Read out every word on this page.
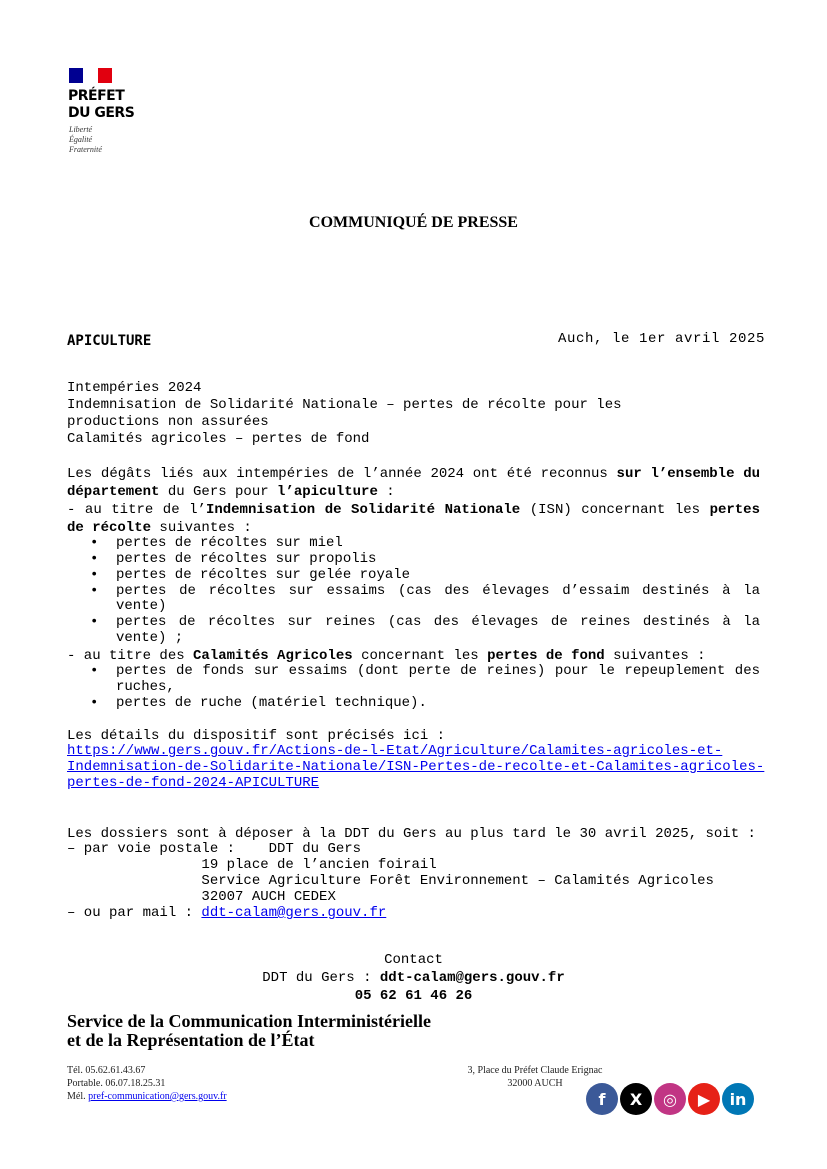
PRÉFET
DU GERS
Liberté
Égalité
Fraternité
COMMUNIQUÉ DE PRESSE
APICULTURE	Auch, le 1er avril 2025
Intempéries 2024
Indemnisation de Solidarité Nationale – pertes de récolte pour les
productions non assurées
Calamités agricoles – pertes de fond
Les dégâts liés aux intempéries de l’année 2024 ont été reconnus sur l’ensemble du
département du Gers pour l’apiculture :
- au titre de l’Indemnisation de Solidarité Nationale (ISN) concernant les pertes
de récolte suivantes :
• pertes de récoltes sur miel
• pertes de récoltes sur propolis
• pertes de récoltes sur gelée royale
• pertes de récoltes sur essaims (cas des élevages d’essaim destinés à la
vente)
• pertes de récoltes sur reines (cas des élevages de reines destinés à la
vente) ;
- au titre des Calamités Agricoles concernant les pertes de fond suivantes :
• pertes de fonds sur essaims (dont perte de reines) pour le repeuplement des
ruches,
• pertes de ruche (matériel technique).
Les détails du dispositif sont précisés ici :
Les dossiers sont à déposer à la DDT du Gers au plus tard le 30 avril 2025, soit :
– par voie postale :    DDT du Gers
19 place de l’ancien foirail
Service Agriculture Forêt Environnement – Calamités Agricoles
32007 AUCH CEDEX
https://www.gers.gouv.fr/Actions-de-l-Etat/Agriculture/Calamites-agricoles-et-
Indemnisation-de-Solidarite-Nationale/ISN-Pertes-de-recolte-et-Calamites-agricoles-
pertes-de-fond-2024-APICULTURE
– ou par mail : ddt-calam@gers.gouv.fr
Contact
DDT du Gers : ddt-calam@gers.gouv.fr
05 62 61 46 26
Service de la Communication Interministérielle
et de la Représentation de l’État
Tél. 05.62.61.43.67
Portable. 06.07.18.25.31
Mél. pref-communication@gers.gouv.fr
3, Place du Préfet Claude Erignac
32000 AUCH
f	X	◎	▶	in
